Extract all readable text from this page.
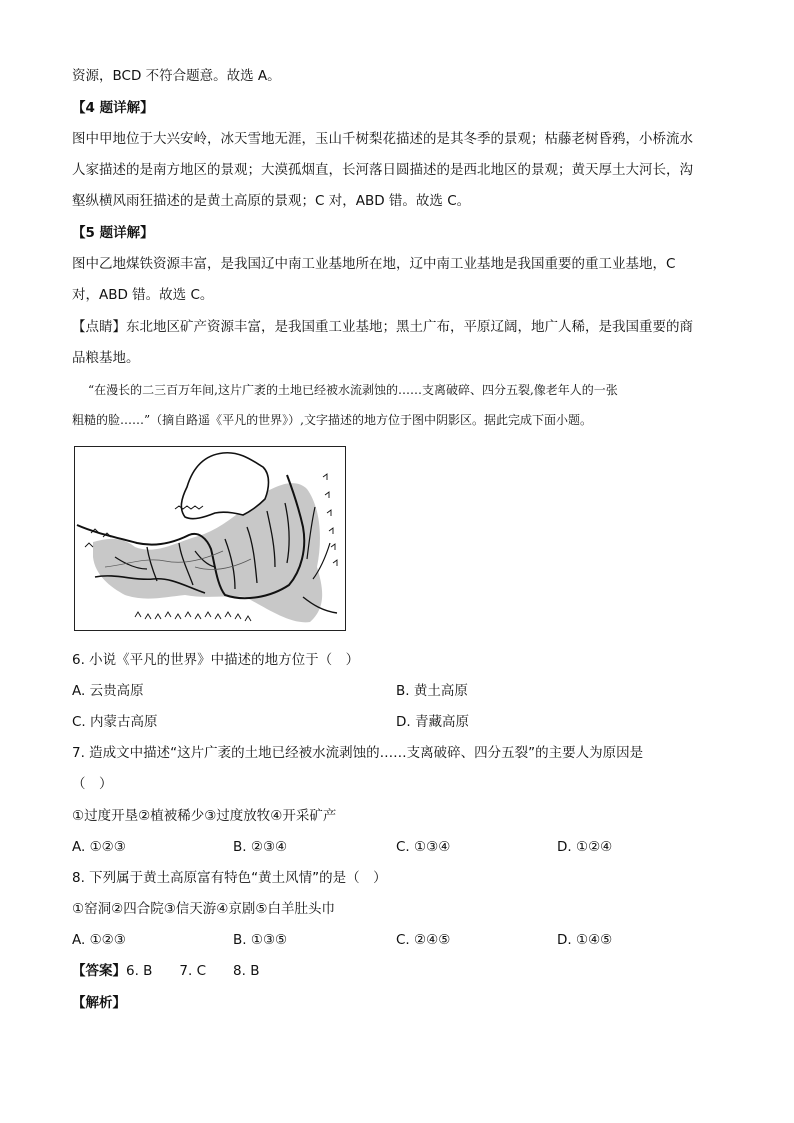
资源，BCD 不符合题意。故选 A。
【4 题详解】
图中甲地位于大兴安岭，冰天雪地无涯，玉山千树梨花描述的是其冬季的景观；枯藤老树昏鸦，小桥流水
人家描述的是南方地区的景观；大漠孤烟直，长河落日圆描述的是西北地区的景观；黄天厚土大河长，沟
壑纵横风雨狂描述的是黄土高原的景观；C 对，ABD 错。故选 C。
【5 题详解】
图中乙地煤铁资源丰富，是我国辽中南工业基地所在地，辽中南工业基地是我国重要的重工业基地，C
对，ABD 错。故选 C。
【点睛】东北地区矿产资源丰富，是我国重工业基地；黑土广布，平原辽阔，地广人稀，是我国重要的商
品粮基地。
“在漫长的二三百万年间,这片广袤的土地已经被水流剥蚀的……支离破碎、四分五裂,像老年人的一张
粗糙的脸……”（摘自路遥《平凡的世界》）,文字描述的地方位于图中阴影区。据此完成下面小题。
6. 小说《平凡的世界》中描述的地方位于（　）
A. 云贵高原	B. 黄土高原
C. 内蒙古高原	D. 青藏高原
7. 造成文中描述“这片广袤的土地已经被水流剥蚀的……支离破碎、四分五裂”的主要人为原因是
（　）
①过度开垦②植被稀少③过度放牧④开采矿产
A. ①②③	B. ②③④	C. ①③④	D. ①②④
8. 下列属于黄土高原富有特色“黄土风情”的是（　）
①窑洞②四合院③信天游④京剧⑤白羊肚头巾
A. ①②③	B. ①③⑤	C. ②④⑤	D. ①④⑤
【答案】6. B　　7. C　　8. B
【解析】
